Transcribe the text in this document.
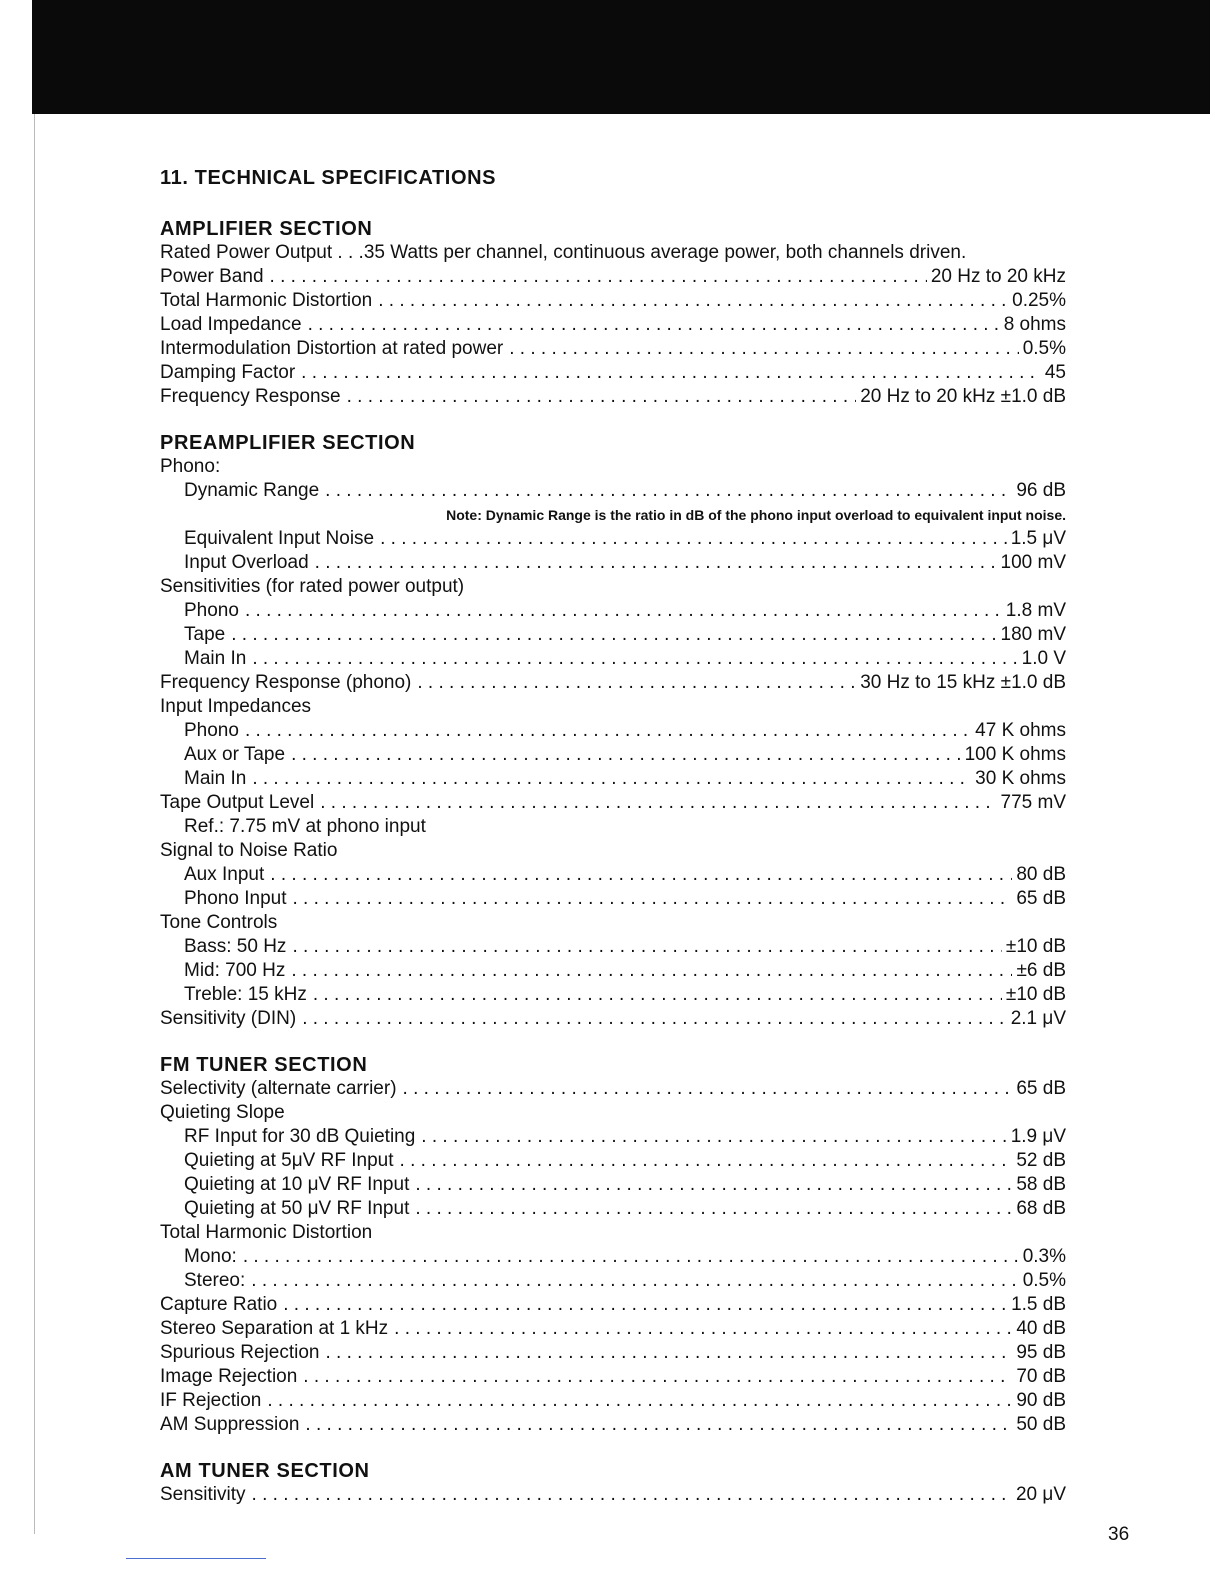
11. TECHNICAL SPECIFICATIONS
AMPLIFIER SECTION
Rated Power Output . . . 35 Watts per channel, continuous average power, both channels driven.
Power Band . . .	20 Hz to 20 kHz
Total Harmonic Distortion . . .	0.25%
Load Impedance . . .	8 ohms
Intermodulation Distortion at rated power . . .	0.5%
Damping Factor . . .	45
Frequency Response . . .	20 Hz to 20 kHz ±1.0 dB
PREAMPLIFIER SECTION
Phono:
Dynamic Range . . .	96 dB
Note: Dynamic Range is the ratio in dB of the phono input overload to equivalent input noise.
Equivalent Input Noise . . .	1.5 μV
Input Overload . . .	100 mV
Sensitivities (for rated power output)
Phono . . .	1.8 mV
Tape . . .	180 mV
Main In . . .	1.0 V
Frequency Response (phono) . . .	30 Hz to 15 kHz ±1.0 dB
Input Impedances
Phono . . .	47 K ohms
Aux or Tape . . .	100 K ohms
Main In . . .	30 K ohms
Tape Output Level . . .	775 mV
Ref.: 7.75 mV at phono input
Signal to Noise Ratio
Aux Input . . .	80 dB
Phono Input . . .	65 dB
Tone Controls
Bass: 50 Hz . . .	±10 dB
Mid: 700 Hz . . .	±6 dB
Treble: 15 kHz . . .	±10 dB
Sensitivity (DIN) . . .	2.1 μV
FM TUNER SECTION
Selectivity (alternate carrier) . . .	65 dB
Quieting Slope
RF Input for 30 dB Quieting . . .	1.9 μV
Quieting at 5μV RF Input . . .	52 dB
Quieting at 10 μV RF Input . . .	58 dB
Quieting at 50 μV RF Input . . .	68 dB
Total Harmonic Distortion
Mono: . . .	0.3%
Stereo: . . .	0.5%
Capture Ratio . . .	1.5 dB
Stereo Separation at 1 kHz . . .	40 dB
Spurious Rejection . . .	95 dB
Image Rejection . . .	70 dB
IF Rejection . . .	90 dB
AM Suppression . . .	50 dB
AM TUNER SECTION
Sensitivity . . .	20 μV
36
